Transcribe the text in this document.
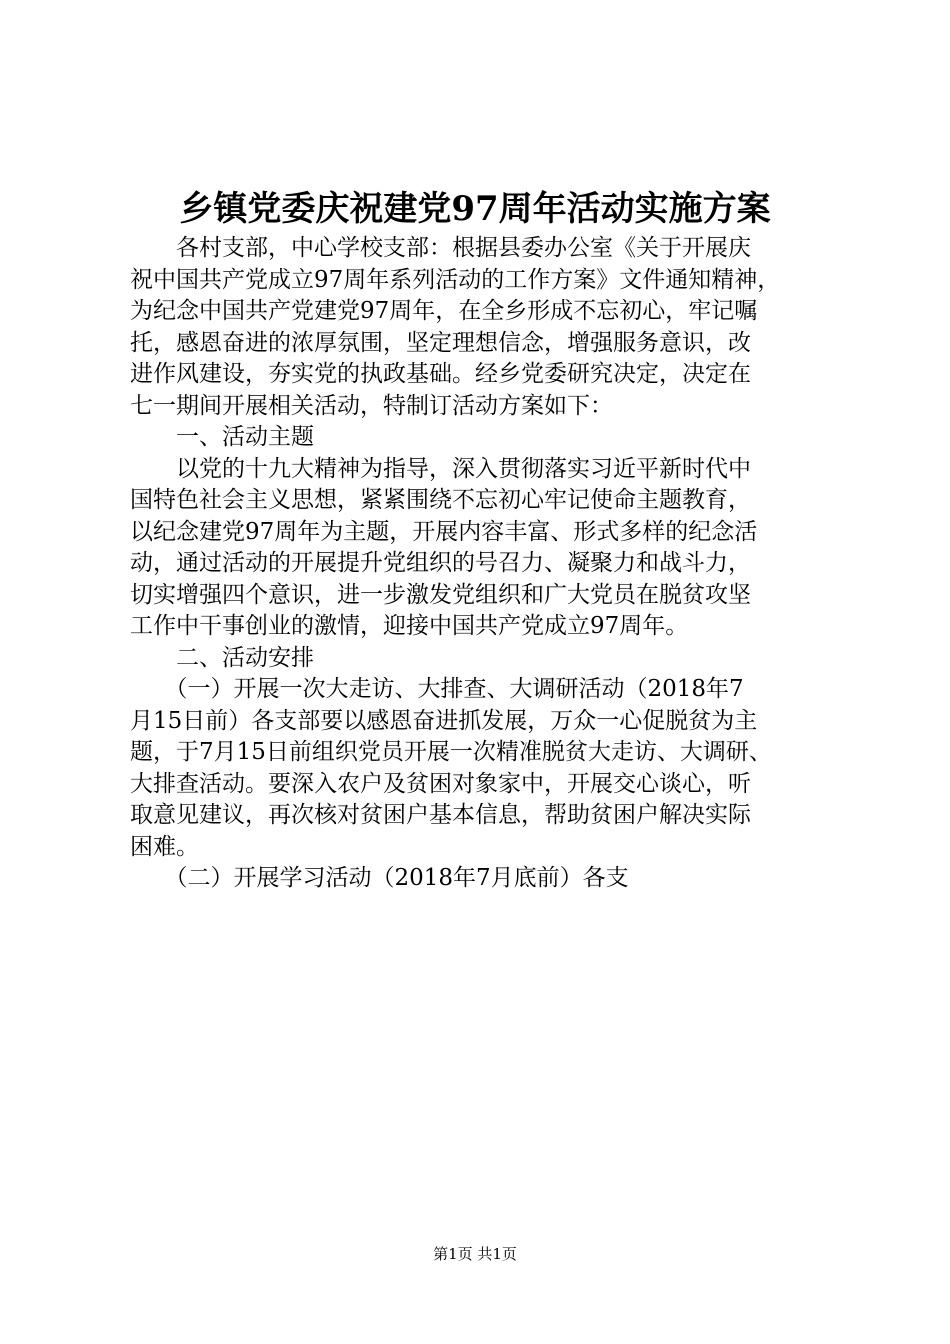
乡镇党委庆祝建党97周年活动实施方案
　　各村支部，中心学校支部：根据县委办公室《关于开展庆
祝中国共产党成立97周年系列活动的工作方案》文件通知精神，
为纪念中国共产党建党97周年，在全乡形成不忘初心，牢记嘱
托，感恩奋进的浓厚氛围，坚定理想信念，增强服务意识，改
进作风建设，夯实党的执政基础。经乡党委研究决定，决定在
七一期间开展相关活动，特制订活动方案如下：
　　一、活动主题
　　以党的十九大精神为指导，深入贯彻落实习近平新时代中
国特色社会主义思想，紧紧围绕不忘初心牢记使命主题教育，
以纪念建党97周年为主题，开展内容丰富、形式多样的纪念活
动，通过活动的开展提升党组织的号召力、凝聚力和战斗力，
切实增强四个意识，进一步激发党组织和广大党员在脱贫攻坚
工作中干事创业的激情，迎接中国共产党成立97周年。
　　二、活动安排
　　（一）开展一次大走访、大排查、大调研活动（2018年7
月15日前）各支部要以感恩奋进抓发展，万众一心促脱贫为主
题，于7月15日前组织党员开展一次精准脱贫大走访、大调研、
大排查活动。要深入农户及贫困对象家中，开展交心谈心，听
取意见建议，再次核对贫困户基本信息，帮助贫困户解决实际
困难。
　　（二）开展学习活动（2018年7月底前）各支
第1页 共1页
